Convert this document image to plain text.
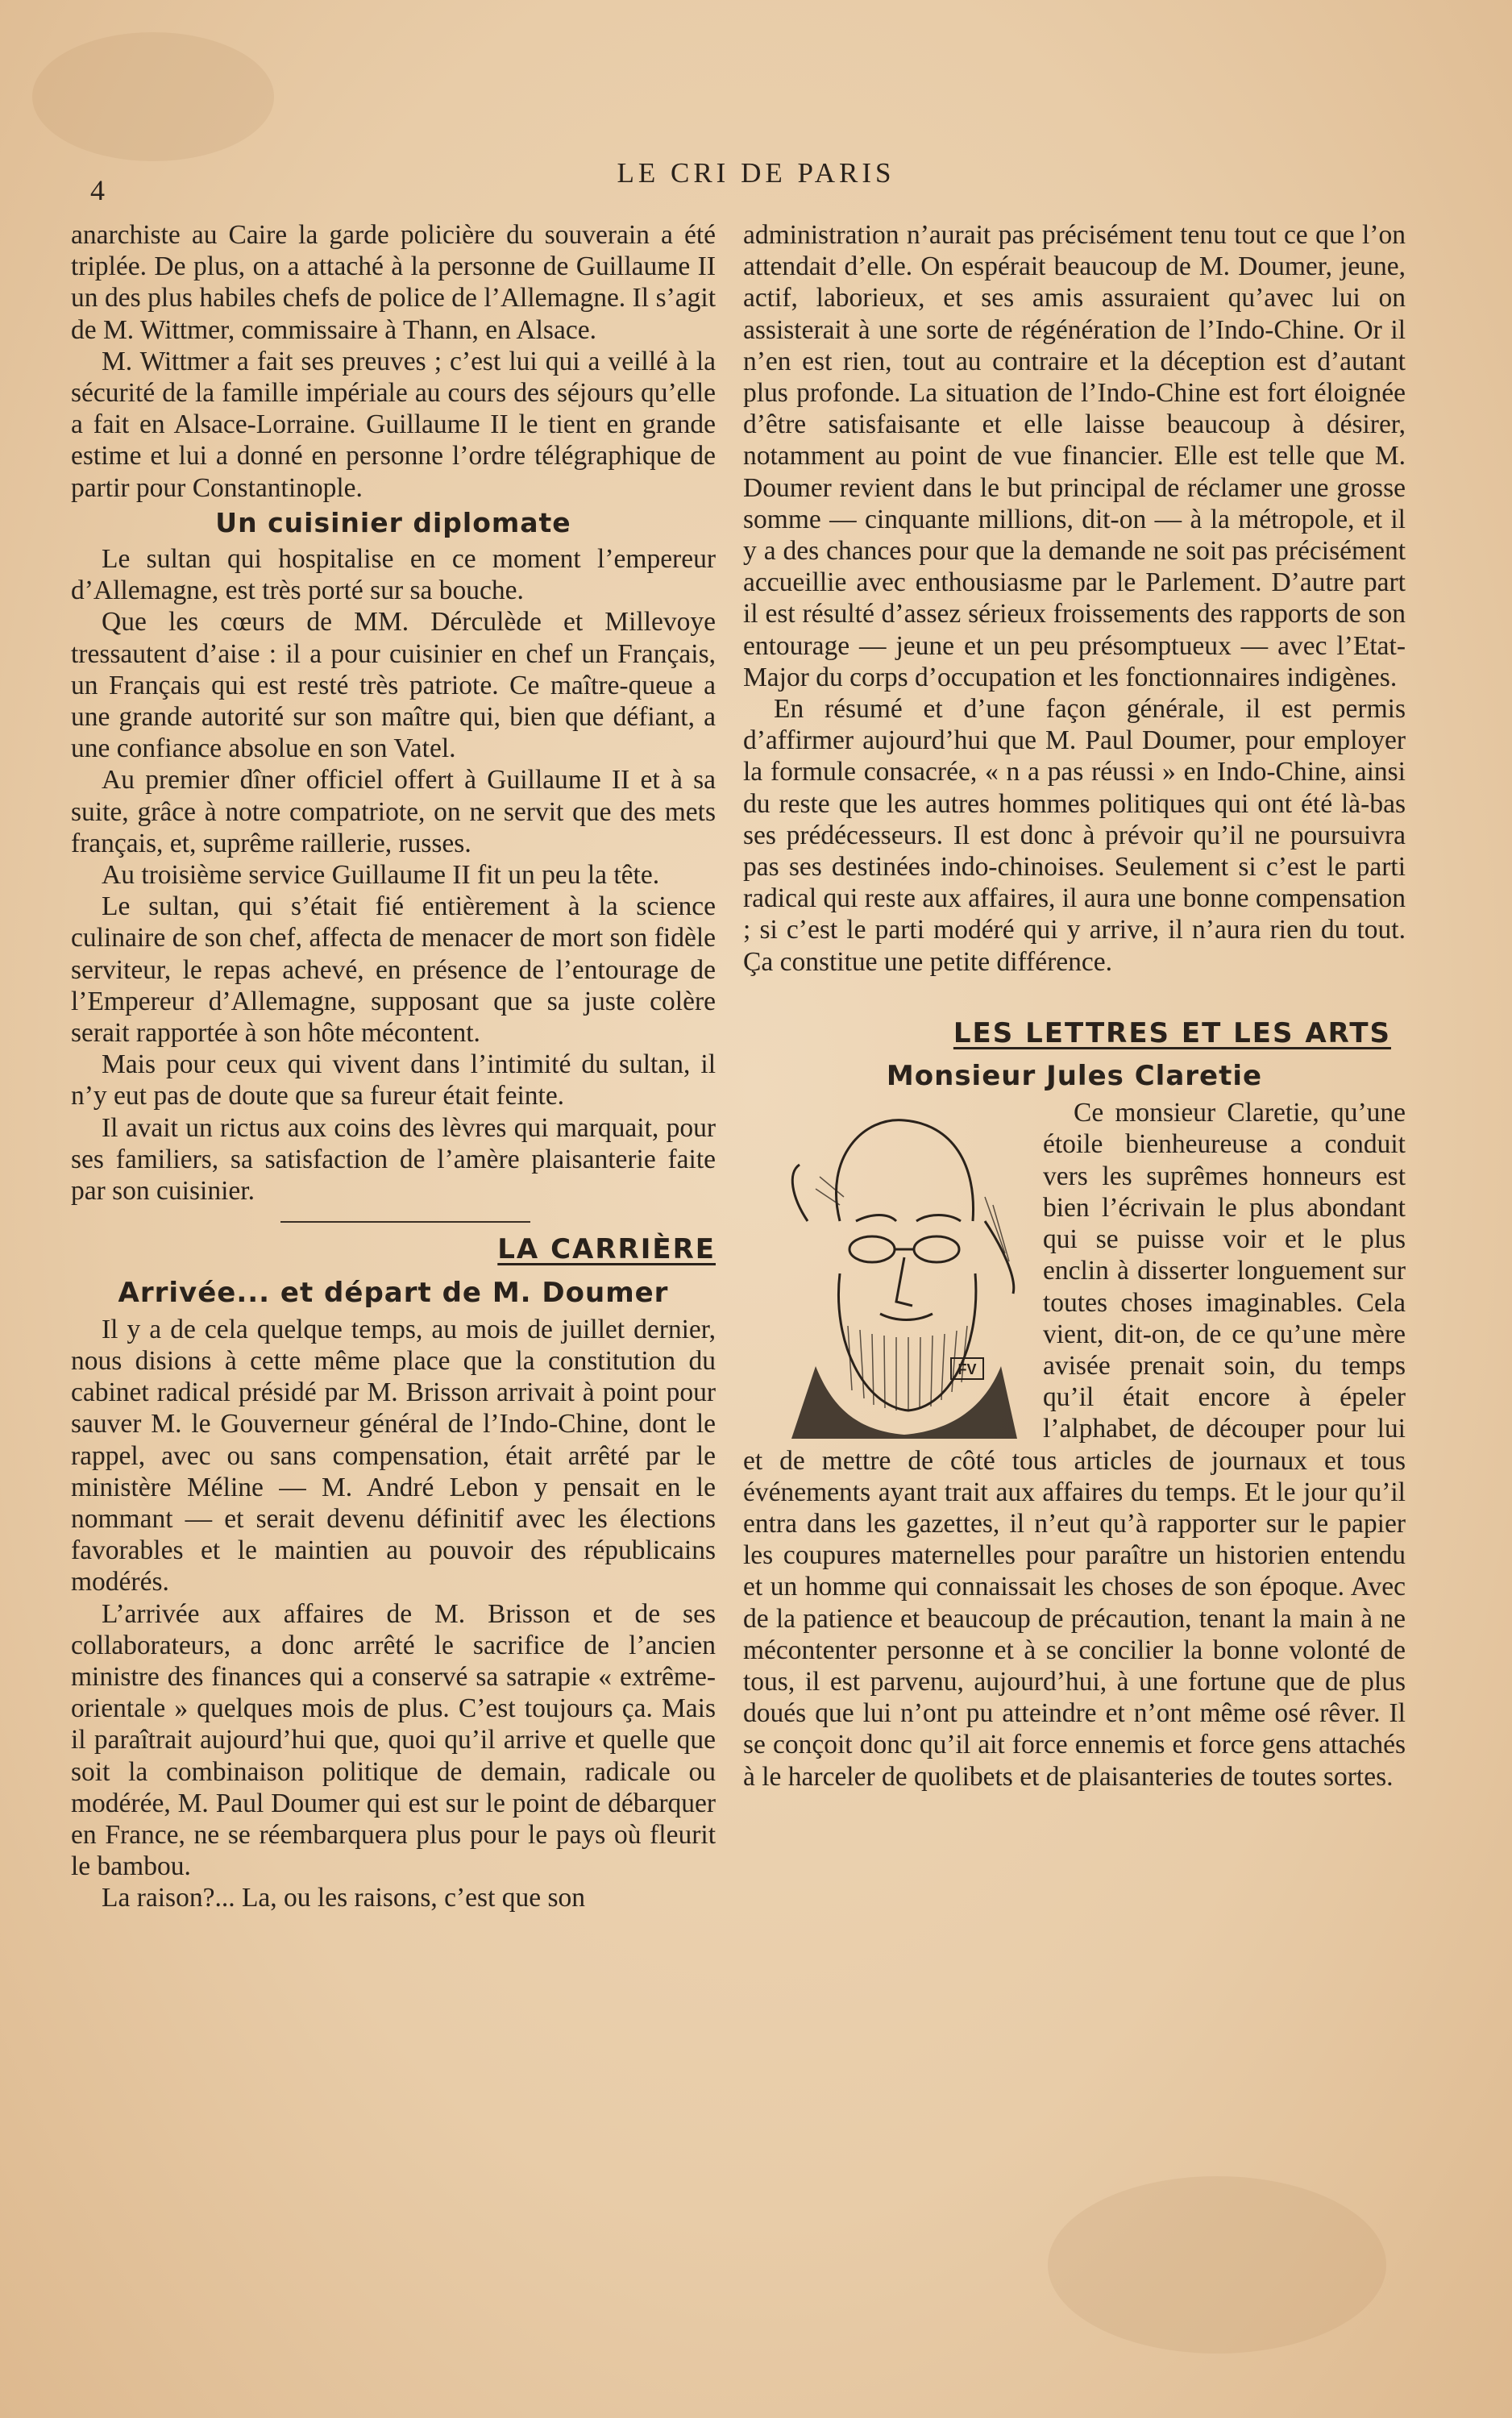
4
LE CRI DE PARIS

anarchiste au Caire la garde policière du souverain a été triplée. De plus, on a attaché à la personne de Guillaume II un des plus habiles chefs de police de l’Allemagne. Il s’agit de M. Wittmer, commissaire à Thann, en Alsace.

M. Wittmer a fait ses preuves ; c’est lui qui a veillé à la sécurité de la famille impériale au cours des séjours qu’elle a fait en Alsace-Lorraine. Guillaume II le tient en grande estime et lui a donné en personne l’ordre télégraphique de partir pour Constantinople.

Un cuisinier diplomate

Le sultan qui hospitalise en ce moment l’empereur d’Allemagne, est très porté sur sa bouche.

Que les cœurs de MM. Dérculède et Millevoye tressautent d’aise : il a pour cuisinier en chef un Français, un Français qui est resté très patriote. Ce maître-queue a une grande autorité sur son maître qui, bien que défiant, a une confiance absolue en son Vatel.

Au premier dîner officiel offert à Guillaume II et à sa suite, grâce à notre compatriote, on ne servit que des mets français, et, suprême raillerie, russes.

Au troisième service Guillaume II fit un peu la tête.

Le sultan, qui s’était fié entièrement à la science culinaire de son chef, affecta de menacer de mort son fidèle serviteur, le repas achevé, en présence de l’entourage de l’Empereur d’Allemagne, supposant que sa juste colère serait rapportée à son hôte mécontent.

Mais pour ceux qui vivent dans l’intimité du sultan, il n’y eut pas de doute que sa fureur était feinte.

Il avait un rictus aux coins des lèvres qui marquait, pour ses familiers, sa satisfaction de l’amère plaisanterie faite par son cuisinier.

LA CARRIÈRE
Arrivée... et départ de M. Doumer

Il y a de cela quelque temps, au mois de juillet dernier, nous disions à cette même place que la constitution du cabinet radical présidé par M. Brisson arrivait à point pour sauver M. le Gouverneur général de l’Indo-Chine, dont le rappel, avec ou sans compensation, était arrêté par le ministère Méline — M. André Lebon y pensait en le nommant — et serait devenu définitif avec les élections favorables et le maintien au pouvoir des républicains modérés.

L’arrivée aux affaires de M. Brisson et de ses collaborateurs, a donc arrêté le sacrifice de l’ancien ministre des finances qui a conservé sa satrapie « extrême-orientale » quelques mois de plus. C’est toujours ça. Mais il paraîtrait aujourd’hui que, quoi qu’il arrive et quelle que soit la combinaison politique de demain, radicale ou modérée, M. Paul Doumer qui est sur le point de débarquer en France, ne se réembarquera plus pour le pays où fleurit le bambou.

La raison?... La, ou les raisons, c’est que son

administration n’aurait pas précisément tenu tout ce que l’on attendait d’elle. On espérait beaucoup de M. Doumer, jeune, actif, laborieux, et ses amis assuraient qu’avec lui on assisterait à une sorte de régénération de l’Indo-Chine. Or il n’en est rien, tout au contraire et la déception est d’autant plus profonde. La situation de l’Indo-Chine est fort éloignée d’être satisfaisante et elle laisse beaucoup à désirer, notamment au point de vue financier. Elle est telle que M. Doumer revient dans le but principal de réclamer une grosse somme — cinquante millions, dit-on — à la métropole, et il y a des chances pour que la demande ne soit pas précisément accueillie avec enthousiasme par le Parlement. D’autre part il est résulté d’assez sérieux froissements des rapports de son entourage — jeune et un peu présomptueux — avec l’Etat-Major du corps d’occupation et les fonctionnaires indigènes.

En résumé et d’une façon générale, il est permis d’affirmer aujourd’hui que M. Paul Doumer, pour employer la formule consacrée, « n a pas réussi » en Indo-Chine, ainsi du reste que les autres hommes politiques qui ont été là-bas ses prédécesseurs. Il est donc à prévoir qu’il ne poursuivra pas ses destinées indo-chinoises. Seulement si c’est le parti radical qui reste aux affaires, il aura une bonne compensation ; si c’est le parti modéré qui y arrive, il n’aura rien du tout. Ça constitue une petite différence.

LES LETTRES ET LES ARTS
Monsieur Jules Claretie
FV

Ce monsieur Claretie, qu’une étoile bienheureuse a conduit vers les suprêmes honneurs est bien l’écrivain le plus abondant qui se puisse voir et le plus enclin à disserter longuement sur toutes choses imaginables. Cela vient, dit-on, de ce qu’une mère avisée prenait soin, du temps qu’il était encore à épeler l’alphabet, de découper pour lui et de mettre de côté tous articles de journaux et tous événements ayant trait aux affaires du temps. Et le jour qu’il entra dans les gazettes, il n’eut qu’à rapporter sur le papier les coupures maternelles pour paraître un historien entendu et un homme qui connaissait les choses de son époque. Avec de la patience et beaucoup de précaution, tenant la main à ne mécontenter personne et à se concilier la bonne volonté de tous, il est parvenu, aujourd’hui, à une fortune que de plus doués que lui n’ont pu atteindre et n’ont même osé rêver. Il se conçoit donc qu’il ait force ennemis et force gens attachés à le harceler de quolibets et de plaisanteries de toutes sortes.
